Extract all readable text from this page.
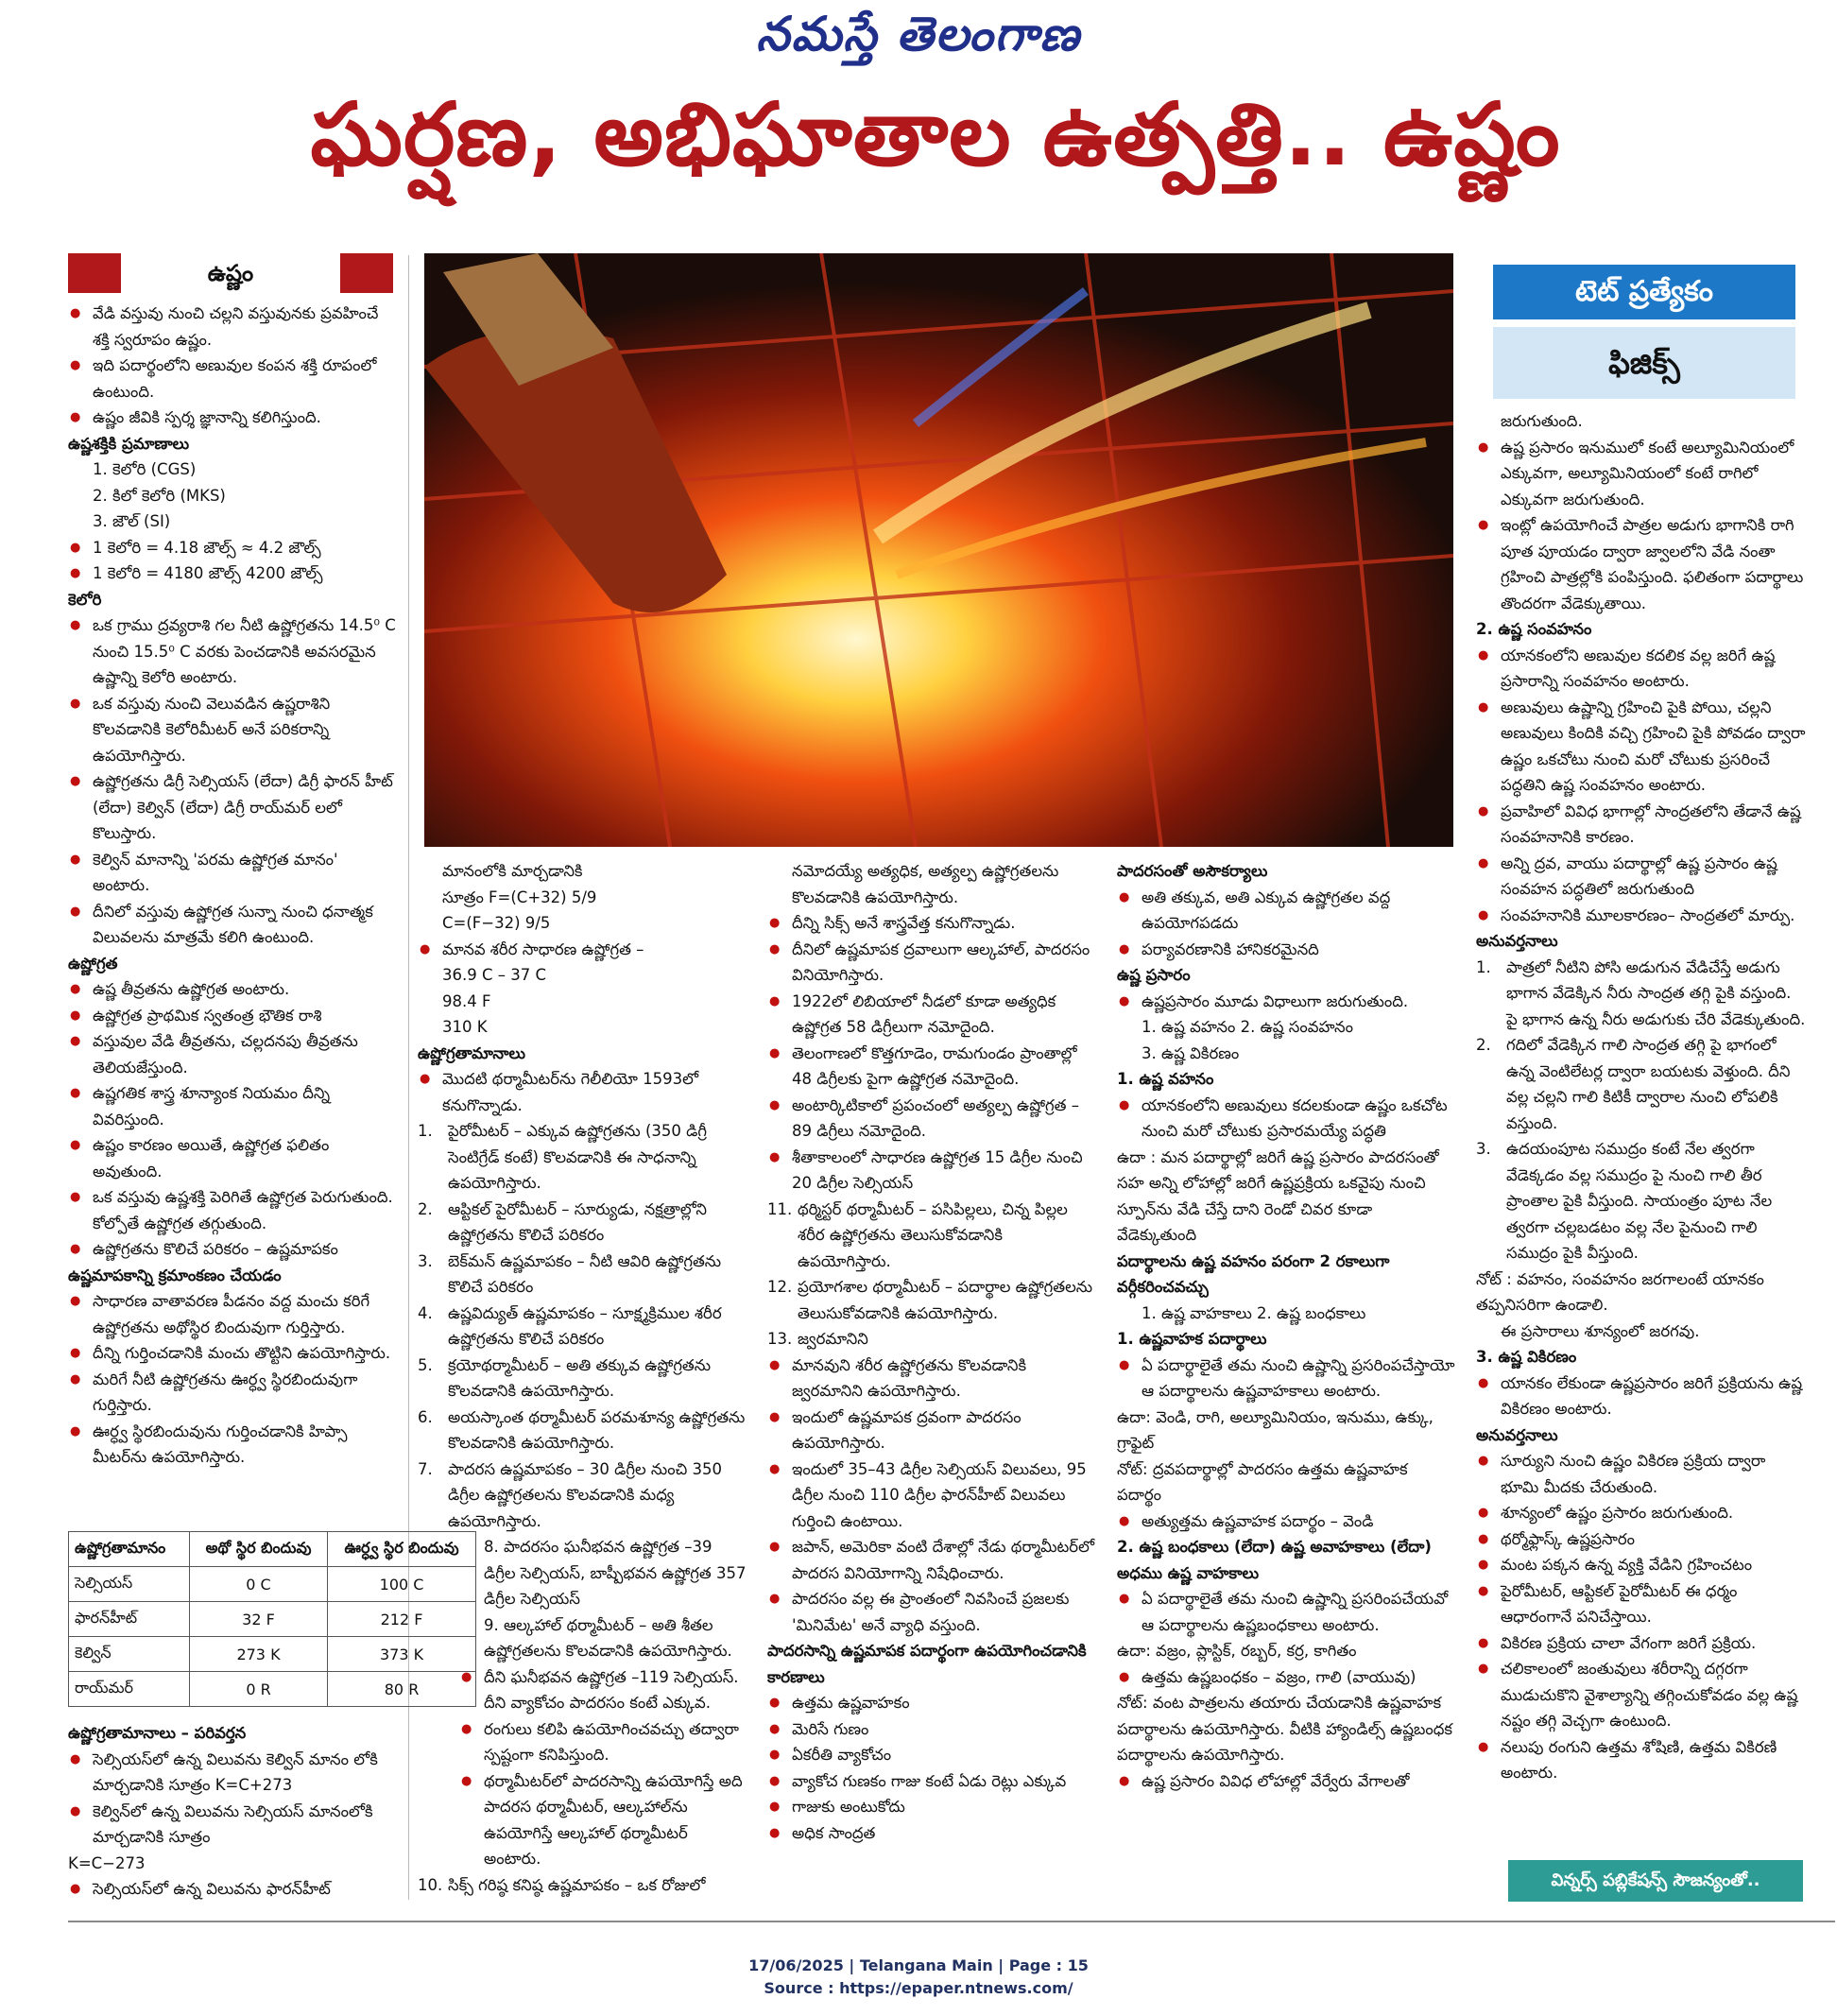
నమస్తే తెలంగాణ
ఘర్షణ, అభిఘాతాల ఉత్పత్తి.. ఉష్ణం
ఉష్ణం
టెట్ ప్రత్యేకం
ఫిజిక్స్
● వేడి వస్తువు నుంచి చల్లని వస్తువునకు ప్రవహించే శక్తి స్వరూపం ఉష్ణం.
● ఇది పదార్థంలోని అణువుల కంపన శక్తి రూపంలో ఉంటుంది.
● ఉష్ణం జీవికి స్పర్శ జ్ఞానాన్ని కలిగిస్తుంది.
ఉష్ణశక్తికి ప్రమాణాలు
1. కెలోరి (CGS)
2. కిలో కెలోరి (MKS)
3. జౌల్ (SI)
● 1 కెలోరి = 4.18 జౌల్స్ ≈ 4.2 జౌల్స్
● 1 కెలోరి = 4180 జౌల్స్ 4200 జౌల్స్
కెలోరి
● ఒక గ్రాము ద్రవ్యరాశి గల నీటి ఉష్ణోగ్రతను 14.5⁰ C నుంచి 15.5⁰ C వరకు పెంచడానికి అవసరమైన ఉష్ణాన్ని కెలోరి అంటారు.
● ఒక వస్తువు నుంచి వెలువడిన ఉష్ణరాశిని కొలవడానికి కెలోరిమీటర్ అనే పరికరాన్ని ఉపయోగిస్తారు.
● ఉష్ణోగ్రతను డిగ్రీ సెల్సియస్ (లేదా) డిగ్రీ ఫారన్ హీట్ (లేదా) కెల్విన్ (లేదా) డిగ్రీ రాయ్‌మర్ లలో కొలుస్తారు.
● కెల్విన్ మానాన్ని 'పరమ ఉష్ణోగ్రత మానం' అంటారు.
● దీనిలో వస్తువు ఉష్ణోగ్రత సున్నా నుంచి ధనాత్మక విలువలను మాత్రమే కలిగి ఉంటుంది.
ఉష్ణోగ్రత
● ఉష్ణ తీవ్రతను ఉష్ణోగ్రత అంటారు.
● ఉష్ణోగ్రత ప్రాథమిక స్వతంత్ర భౌతిక రాశి
● వస్తువుల వేడి తీవ్రతను, చల్లదనపు తీవ్రతను తెలియజేస్తుంది.
● ఉష్ణగతిక శాస్త్ర శూన్యాంక నియమం దీన్ని వివరిస్తుంది.
● ఉష్ణం కారణం అయితే, ఉష్ణోగ్రత ఫలితం అవుతుంది.
● ఒక వస్తువు ఉష్ణశక్తి పెరిగితే ఉష్ణోగ్రత పెరుగుతుంది. కోల్పోతే ఉష్ణోగ్రత తగ్గుతుంది.
● ఉష్ణోగ్రతను కొలిచే పరికరం – ఉష్ణమాపకం
ఉష్ణమాపకాన్ని క్రమాంకణం చేయడం
● సాధారణ వాతావరణ పీడనం వద్ద మంచు కరిగే ఉష్ణోగ్రతను అథోస్థిర బిందువుగా గుర్తిస్తారు.
● దీన్ని గుర్తించడానికి మంచు తొట్టిని ఉపయోగిస్తారు.
● మరిగే నీటి ఉష్ణోగ్రతను ఊర్ధ్వ స్థిరబిందువుగా గుర్తిస్తారు.
● ఊర్ధ్వ స్థిరబిందువును గుర్తించడానికి హిప్సా మీటర్‌ను ఉపయోగిస్తారు.
ఉష్ణోగ్రతామానం	అథో స్థిర బిందువు	ఊర్ధ్వ స్థిర బిందువు
సెల్సియస్	0 C	100 C
ఫారన్‌హీట్	32 F	212 F
కెల్విన్	273 K	373 K
రాయ్‌మర్	0 R	80 R
ఉష్ణోగ్రతామానాలు – పరివర్తన
● సెల్సియస్‌లో ఉన్న విలువను కెల్విన్ మానం లోకి మార్చడానికి సూత్రం K=C+273
● కెల్విన్‌లో ఉన్న విలువను సెల్సియస్ మానంలోకి మార్చడానికి సూత్రం
K=C−273
● సెల్సియస్‌లో ఉన్న విలువను ఫారన్‌హీట్
మానంలోకి మార్చడానికి
సూత్రం F=(C+32) 5/9
C=(F−32) 9/5
● మానవ శరీర సాధారణ ఉష్ణోగ్రత –
36.9 C – 37 C
98.4 F
310 K
ఉష్ణోగ్రతామానాలు
● మొదటి థర్మామీటర్‌ను గెలీలియో 1593లో కనుగొన్నాడు.
1. పైరోమీటర్ – ఎక్కువ ఉష్ణోగ్రతను (350 డిగ్రీ సెంటిగ్రేడ్ కంటే) కొలవడానికి ఈ సాధనాన్ని ఉపయోగిస్తారు.
2. ఆప్టికల్ పైరోమీటర్ – సూర్యుడు, నక్షత్రాల్లోని ఉష్ణోగ్రతను కొలిచే పరికరం
3. బెక్‌మన్ ఉష్ణమాపకం – నీటి ఆవిరి ఉష్ణోగ్రతను కొలిచే పరికరం
4. ఉష్ణవిద్యుత్ ఉష్ణమాపకం – సూక్ష్మక్రిముల శరీర ఉష్ణోగ్రతను కొలిచే పరికరం
5. క్రయోథర్మామీటర్ – అతి తక్కువ ఉష్ణోగ్రతను కొలవడానికి ఉపయోగిస్తారు.
6. అయస్కాంత థర్మామీటర్ పరమశూన్య ఉష్ణోగ్రతను కొలవడానికి ఉపయోగిస్తారు.
7. పాదరస ఉష్ణమాపకం – 30 డిగ్రీల నుంచి 350 డిగ్రీల ఉష్ణోగ్రతలను కొలవడానికి మధ్య ఉపయోగిస్తారు.
8. పాదరసం ఘనీభవన ఉష్ణోగ్రత –39 డిగ్రీల సెల్సియస్, బాష్పీభవన ఉష్ణోగ్రత 357 డిగ్రీల సెల్సియస్
9. ఆల్కహాల్ థర్మామీటర్ – అతి శీతల ఉష్ణోగ్రతలను కొలవడానికి ఉపయోగిస్తారు.
● దీని ఘనీభవన ఉష్ణోగ్రత –119 సెల్సియస్. దీని వ్యాకోచం పాదరసం కంటే ఎక్కువ.
● రంగులు కలిపి ఉపయోగించవచ్చు తద్వారా స్పష్టంగా కనిపిస్తుంది.
● థర్మామీటర్‌లో పాదరసాన్ని ఉపయోగిస్తే అది పాదరస థర్మామీటర్, ఆల్కహాల్‌ను ఉపయోగిస్తే ఆల్కహాల్ థర్మామీటర్ అంటారు.
10. సిక్స్ గరిష్ఠ కనిష్ఠ ఉష్ణమాపకం – ఒక రోజులో
నమోదయ్యే అత్యధిక, అత్యల్ప ఉష్ణోగ్రతలను కొలవడానికి ఉపయోగిస్తారు.
● దీన్ని సిక్స్ అనే శాస్త్రవేత్త కనుగొన్నాడు.
● దీనిలో ఉష్ణమాపక ద్రవాలుగా ఆల్కహాల్, పాదరసం వినియోగిస్తారు.
● 1922లో లిబియాలో నీడలో కూడా అత్యధిక ఉష్ణోగ్రత 58 డిగ్రీలుగా నమోదైంది.
● తెలంగాణలో కొత్తగూడెం, రామగుండం ప్రాంతాల్లో 48 డిగ్రీలకు పైగా ఉష్ణోగ్రత నమోదైంది.
● అంటార్కిటికాలో ప్రపంచంలో అత్యల్ప ఉష్ణోగ్రత –89 డిగ్రీలు నమోదైంది.
● శీతాకాలంలో సాధారణ ఉష్ణోగ్రత 15 డిగ్రీల నుంచి 20 డిగ్రీల సెల్సియస్
11. థర్మిస్టర్ థర్మామీటర్ – పసిపిల్లలు, చిన్న పిల్లల శరీర ఉష్ణోగ్రతను తెలుసుకోవడానికి ఉపయోగిస్తారు.
12. ప్రయోగశాల థర్మామీటర్ – పదార్థాల ఉష్ణోగ్రతలను తెలుసుకోవడానికి ఉపయోగిస్తారు.
13. జ్వరమానిని
● మానవుని శరీర ఉష్ణోగ్రతను కొలవడానికి జ్వరమానిని ఉపయోగిస్తారు.
● ఇందులో ఉష్ణమాపక ద్రవంగా పాదరసం ఉపయోగిస్తారు.
● ఇందులో 35–43 డిగ్రీల సెల్సియస్ విలువలు, 95 డిగ్రీల నుంచి 110 డిగ్రీల ఫారన్‌హీట్ విలువలు గుర్తించి ఉంటాయి.
● జపాన్, అమెరికా వంటి దేశాల్లో నేడు థర్మామీటర్‌లో పాదరస వినియోగాన్ని నిషేధించారు.
● పాదరసం వల్ల ఈ ప్రాంతంలో నివసించే ప్రజలకు 'మినిమేట' అనే వ్యాధి వస్తుంది.
పాదరసాన్ని ఉష్ణమాపక పదార్థంగా ఉపయోగించడానికి కారణాలు
● ఉత్తమ ఉష్ణవాహకం
● మెరిసే గుణం
● ఏకరీతి వ్యాకోచం
● వ్యాకోచ గుణకం గాజు కంటే ఏడు రెట్లు ఎక్కువ
● గాజుకు అంటుకోదు
● అధిక సాంద్రత
పాదరసంతో అసౌకర్యాలు
● అతి తక్కువ, అతి ఎక్కువ ఉష్ణోగ్రతల వద్ద ఉపయోగపడదు
● పర్యావరణానికి హానికరమైనది
ఉష్ణ ప్రసారం
● ఉష్ణప్రసారం మూడు విధాలుగా జరుగుతుంది.
1. ఉష్ణ వహనం 2. ఉష్ణ సంవహనం
3. ఉష్ణ వికిరణం
1. ఉష్ణ వహనం
● యానకంలోని అణువులు కదలకుండా ఉష్ణం ఒకచోట నుంచి మరో చోటుకు ప్రసారమయ్యే పద్ధతి
ఉదా : మన పదార్థాల్లో జరిగే ఉష్ణ ప్రసారం పాదరసంతో సహ అన్ని లోహాల్లో జరిగే ఉష్ణప్రక్రియ ఒకవైపు నుంచి స్పూన్‌ను వేడి చేస్తే దాని రెండో చివర కూడా వేడెక్కుతుంది
పదార్థాలను ఉష్ణ వహనం పరంగా 2 రకాలుగా వర్గీకరించవచ్చు
1. ఉష్ణ వాహకాలు 2. ఉష్ణ బంధకాలు
1. ఉష్ణవాహక పదార్థాలు
● ఏ పదార్థాలైతే తమ నుంచి ఉష్ణాన్ని ప్రసరింపచేస్తాయో ఆ పదార్థాలను ఉష్ణవాహకాలు అంటారు.
ఉదా: వెండి, రాగి, అల్యూమినియం, ఇనుము, ఉక్కు, గ్రాఫైట్
నోట్: ద్రవపదార్థాల్లో పాదరసం ఉత్తమ ఉష్ణవాహక పదార్థం
● అత్యుత్తమ ఉష్ణవాహక పదార్థం – వెండి
2. ఉష్ణ బంధకాలు (లేదా) ఉష్ణ అవాహకాలు (లేదా) అధము ఉష్ణ వాహకాలు
● ఏ పదార్థాలైతే తమ నుంచి ఉష్ణాన్ని ప్రసరింపచేయవో ఆ పదార్థాలను ఉష్ణబంధకాలు అంటారు.
ఉదా: వజ్రం, ప్లాస్టిక్, రబ్బర్, కర్ర, కాగితం
● ఉత్తమ ఉష్ణబంధకం – వజ్రం, గాలి (వాయువు)
నోట్: వంట పాత్రలను తయారు చేయడానికి ఉష్ణవాహక పదార్థాలను ఉపయోగిస్తారు. వీటికి హ్యాండిల్స్ ఉష్ణబంధక పదార్థాలను ఉపయోగిస్తారు.
● ఉష్ణ ప్రసారం వివిధ లోహాల్లో వేర్వేరు వేగాలతో
జరుగుతుంది.
● ఉష్ణ ప్రసారం ఇనుములో కంటే అల్యూమినియంలో ఎక్కువగా, అల్యూమినియంలో కంటే రాగిలో ఎక్కువగా జరుగుతుంది.
● ఇంట్లో ఉపయోగించే పాత్రల అడుగు భాగానికి రాగి పూత పూయడం ద్వారా జ్వాలలోని వేడి నంతా గ్రహించి పాత్రల్లోకి పంపిస్తుంది. ఫలితంగా పదార్థాలు తొందరగా వేడెక్కుతాయి.
2. ఉష్ణ సంవహనం
● యానకంలోని అణువుల కదలిక వల్ల జరిగే ఉష్ణ ప్రసారాన్ని సంవహనం అంటారు.
● అణువులు ఉష్ణాన్ని గ్రహించి పైకి పోయి, చల్లని అణువులు కిందికి వచ్చి గ్రహించి పైకి పోవడం ద్వారా ఉష్ణం ఒకచోటు నుంచి మరో చోటుకు ప్రసరించే పద్ధతిని ఉష్ణ సంవహనం అంటారు.
● ప్రవాహిలో వివిధ భాగాల్లో సాంద్రతలోని తేడానే ఉష్ణ సంవహనానికి కారణం.
● అన్ని ద్రవ, వాయు పదార్థాల్లో ఉష్ణ ప్రసారం ఉష్ణ సంవహన పద్ధతిలో జరుగుతుంది
● సంవహనానికి మూలకారణం– సాంద్రతలో మార్పు.
అనువర్తనాలు
1. పాత్రలో నీటిని పోసి అడుగున వేడిచేస్తే అడుగు భాగాన వేడెక్కిన నీరు సాంద్రత తగ్గి పైకి వస్తుంది. పై భాగాన ఉన్న నీరు అడుగుకు చేరి వేడెక్కుతుంది.
2. గదిలో వేడెక్కిన గాలి సాంద్రత తగ్గి పై భాగంలో ఉన్న వెంటిలేటర్ల ద్వారా బయటకు వెళ్తుంది. దీని వల్ల చల్లని గాలి కిటికీ ద్వారాల నుంచి లోపలికి వస్తుంది.
3. ఉదయంపూట సముద్రం కంటే నేల త్వరగా వేడెక్కడం వల్ల సముద్రం పై నుంచి గాలి తీర ప్రాంతాల పైకి వీస్తుంది. సాయంత్రం పూట నేల త్వరగా చల్లబడటం వల్ల నేల పైనుంచి గాలి సముద్రం పైకి వీస్తుంది.
నోట్ : వహనం, సంవహనం జరగాలంటే యానకం తప్పనిసరిగా ఉండాలి.
ఈ ప్రసారాలు శూన్యంలో జరగవు.
3. ఉష్ణ వికిరణం
● యానకం లేకుండా ఉష్ణప్రసారం జరిగే ప్రక్రియను ఉష్ణ వికిరణం అంటారు.
అనువర్తనాలు
● సూర్యుని నుంచి ఉష్ణం వికిరణ ప్రక్రియ ద్వారా భూమి మీదకు చేరుతుంది.
● శూన్యంలో ఉష్ణం ప్రసారం జరుగుతుంది.
● థర్మోఫ్లాస్క్ ఉష్ణప్రసారం
● మంట పక్కన ఉన్న వ్యక్తి వేడిని గ్రహించటం
● పైరోమీటర్, ఆప్టికల్ పైరోమీటర్ ఈ ధర్మం ఆధారంగానే పనిచేస్తాయి.
● వికిరణ ప్రక్రియ చాలా వేగంగా జరిగే ప్రక్రియ.
● చలికాలంలో జంతువులు శరీరాన్ని దగ్గరగా ముడుచుకొని వైశాల్యాన్ని తగ్గించుకోవడం వల్ల ఉష్ణ నష్టం తగ్గి వెచ్చగా ఉంటుంది.
● నలుపు రంగుని ఉత్తమ శోషిణి, ఉత్తమ వికిరణి అంటారు.
విన్నర్స్ పబ్లికేషన్స్ సౌజన్యంతో..
17/06/2025 | Telangana Main | Page : 15
Source : https://epaper.ntnews.com/
